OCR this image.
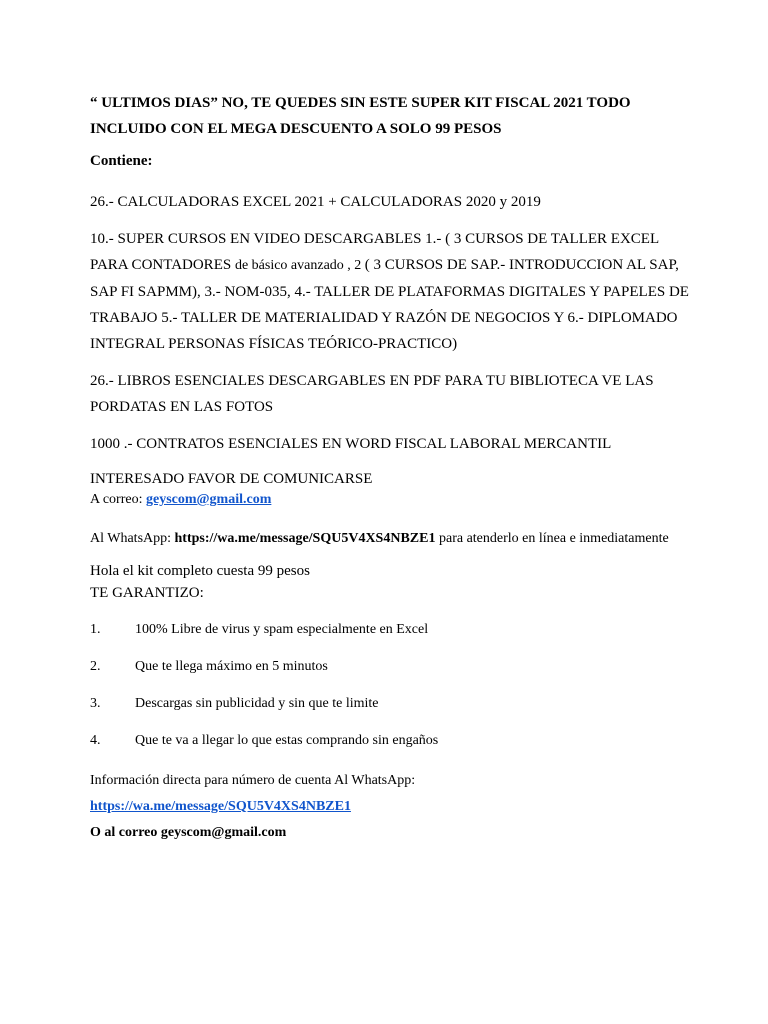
“ ULTIMOS DIAS” NO, TE QUEDES SIN ESTE SUPER KIT FISCAL 2021 TODO INCLUIDO CON EL MEGA DESCUENTO A SOLO 99 PESOS

Contiene:

26.- CALCULADORAS EXCEL 2021 + CALCULADORAS 2020 y 2019

10.- SUPER CURSOS EN VIDEO DESCARGABLES 1.- ( 3 CURSOS DE TALLER EXCEL PARA CONTADORES de básico avanzado , 2 ( 3 CURSOS DE SAP.- INTRODUCCION AL SAP, SAP FI SAPMM), 3.- NOM-035, 4.- TALLER DE PLATAFORMAS DIGITALES Y PAPELES DE TRABAJO 5.- TALLER DE MATERIALIDAD Y RAZÓN DE NEGOCIOS Y 6.- DIPLOMADO INTEGRAL PERSONAS FÍSICAS TEÓRICO-PRACTICO)

26.- LIBROS ESENCIALES DESCARGABLES EN PDF PARA TU BIBLIOTECA VE LAS PORDATAS EN LAS FOTOS

1000 .- CONTRATOS ESENCIALES EN WORD FISCAL LABORAL MERCANTIL

INTERESADO FAVOR DE COMUNICARSE

A correo: geyscom@gmail.com

Al WhatsApp: https://wa.me/message/SQU5V4XS4NBZE1 para atenderlo en línea e inmediatamente

Hola el kit completo cuesta 99 pesos

TE GARANTIZO:

1.	100% Libre de virus y spam especialmente en Excel
2.	Que te llega máximo en 5 minutos
3.	Descargas sin publicidad y sin que te limite
4.	Que te va a llegar lo que estas comprando sin engaños

Información directa para número de cuenta Al WhatsApp:

https://wa.me/message/SQU5V4XS4NBZE1

O al correo geyscom@gmail.com
